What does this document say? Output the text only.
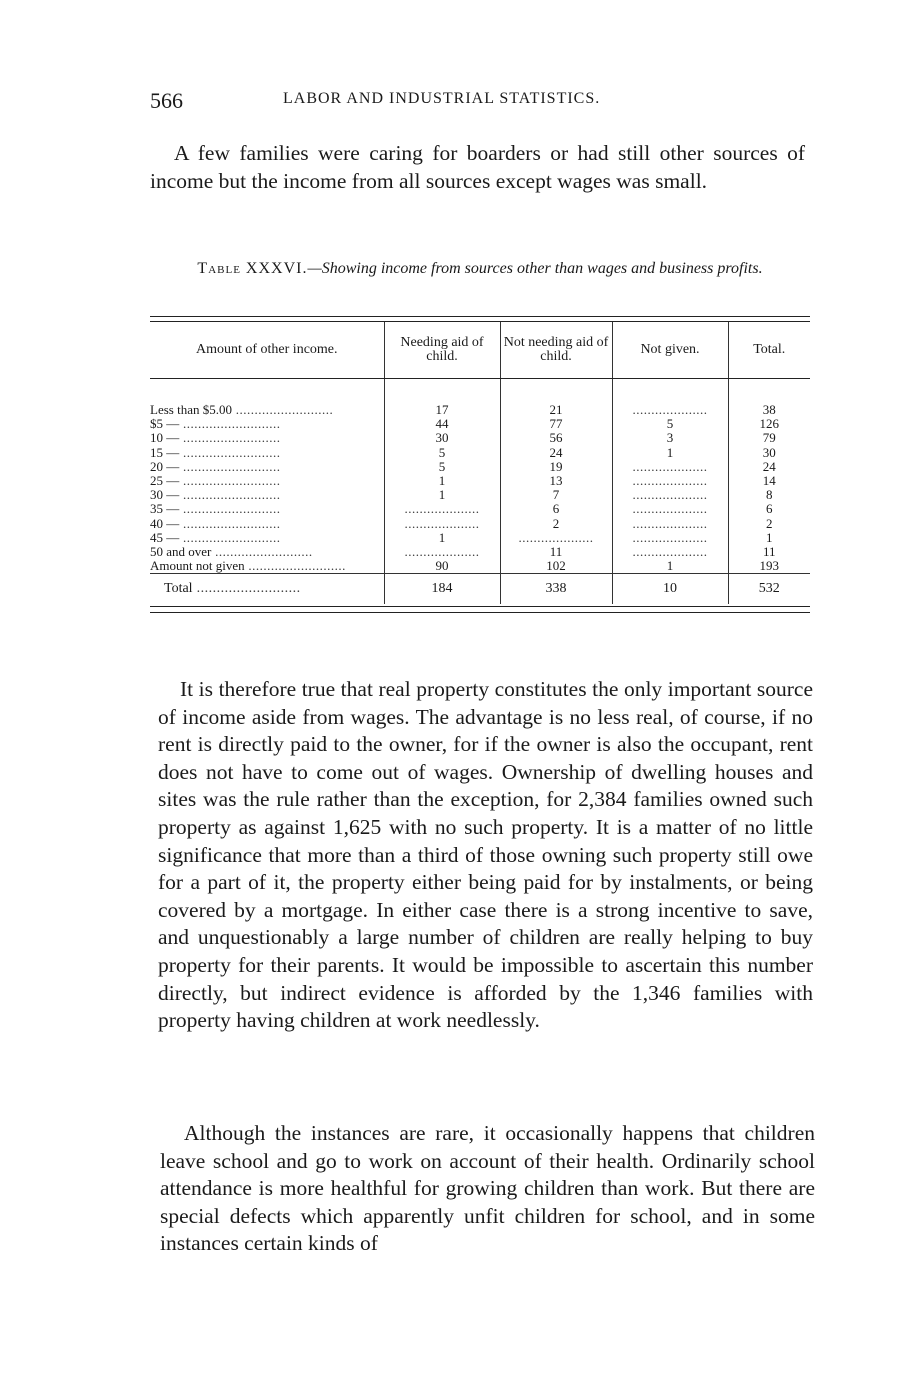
566	LABOR AND INDUSTRIAL STATISTICS.

A few families were caring for boarders or had still other sources of income but the income from all sources except wages was small.

Table XXXVI.—Showing income from sources other than wages and business profits.

Amount of other income.	Needing aid of child.	Not needing aid of child.	Not given.	Total.

Less than $5.00 ..........................	17	21	....................	38
$5 — ..........................	44	77	5	126
10 — ..........................	30	56	3	79
15 — ..........................	5	24	1	30
20 — ..........................	5	19	....................	24
25 — ..........................	1	13	....................	14
30 — ..........................	1	7	....................	8
35 — ..........................	....................	6	....................	6
40 — ..........................	....................	2	....................	2
45 — ..........................	1	....................	....................	1
50 and over ..........................	....................	11	....................	11
Amount not given ..........................	90	102	1	193
Total ..........................	184	338	10	532

It is therefore true that real property constitutes the only important source of income aside from wages. The advantage is no less real, of course, if no rent is directly paid to the owner, for if the owner is also the occupant, rent does not have to come out of wages. Ownership of dwelling houses and sites was the rule rather than the exception, for 2,384 families owned such property as against 1,625 with no such property. It is a matter of no little significance that more than a third of those owning such property still owe for a part of it, the property either being paid for by instalments, or being covered by a mortgage. In either case there is a strong incentive to save, and unquestionably a large number of children are really helping to buy property for their parents. It would be impossible to ascertain this number directly, but indirect evidence is afforded by the 1,346 families with property having children at work needlessly.

Although the instances are rare, it occasionally happens that children leave school and go to work on account of their health. Ordinarily school attendance is more healthful for growing children than work. But there are special defects which apparently unfit children for school, and in some instances certain kinds of
